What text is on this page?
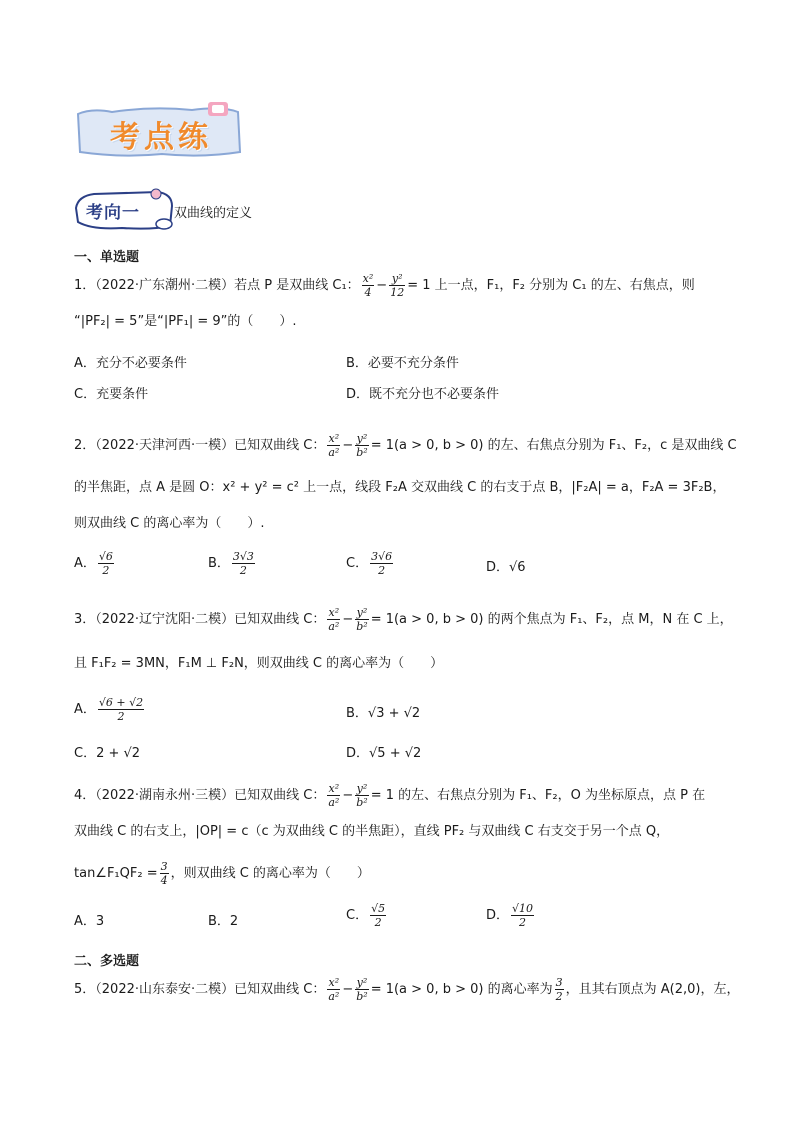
考点练
考向一	双曲线的定义
一、单选题
1．（2022·广东潮州·二模）若点 P 是双曲线 C₁： $\frac{\text{x²}}{4} - \frac{\text{y²}}{12} = 1$ 上一点，F₁，F₂ 分别为 C₁ 的左、右焦点，则
“|PF₂| = 5”是“|PF₁| = 9”的（　　）.
A．充分不必要条件	B．必要不充分条件
C．充要条件	D．既不充分也不必要条件
2．（2022·天津河西·一模）已知双曲线 C： $\frac{\text{x²}}{\text{a²}} - \frac{\text{y²}}{\text{b²}} = 1(a > 0$, b > 0) 的左、右焦点分别为 F₁、F₂，c 是双曲线 C
的半焦距，点 A 是圆 O：x² + y² = c² 上一点，线段 F₂A 交双曲线 C 的右支于点 B，|F₂A| = a，F₂A = 3F₂B，
则双曲线 C 的离心率为（　　）.
A． $\frac{√6}{2}$	B． $\frac{3√3}{2}$	C． $\frac{3√6}{2}$	D．√6
3．（2022·辽宁沈阳·二模）已知双曲线 C： $\frac{\text{x²}}{\text{a²}} - \frac{\text{y²}}{\text{b²}} = 1(a > 0$, b > 0) 的两个焦点为 F₁、F₂，点 M，N 在 C 上，
且 F₁F₂ = 3MN，F₁M ⊥ F₂N，则双曲线 C 的离心率为（　　）
A． $\frac{√6 + √2}{2}$	B．√3 + √2
C．2 + √2	D．√5 + √2
4．（2022·湖南永州·三模）已知双曲线 C： $\frac{\text{x²}}{\text{a²}} - \frac{\text{y²}}{\text{b²}} = 1$ 的左、右焦点分别为 F₁、F₂，O 为坐标原点，点 P 在
双曲线 C 的右支上，|OP| = c（c 为双曲线 C 的半焦距），直线 PF₂ 与双曲线 C 右支交于另一个点 Q，
tan∠F₁QF₂ = $\frac{3}{4}$ ，则双曲线 C 的离心率为（　　）
A．3	B．2	C． $\frac{√5}{2}$	D． $\frac{√10}{2}$
二、多选题
5．（2022·山东泰安·二模）已知双曲线 C： $\frac{\text{x²}}{\text{a²}} - \frac{\text{y²}}{\text{b²}} = 1(a > 0$, b > 0) 的离心率为 $\frac{3}{2}$ ，且其右顶点为 A(2,0)，左，
